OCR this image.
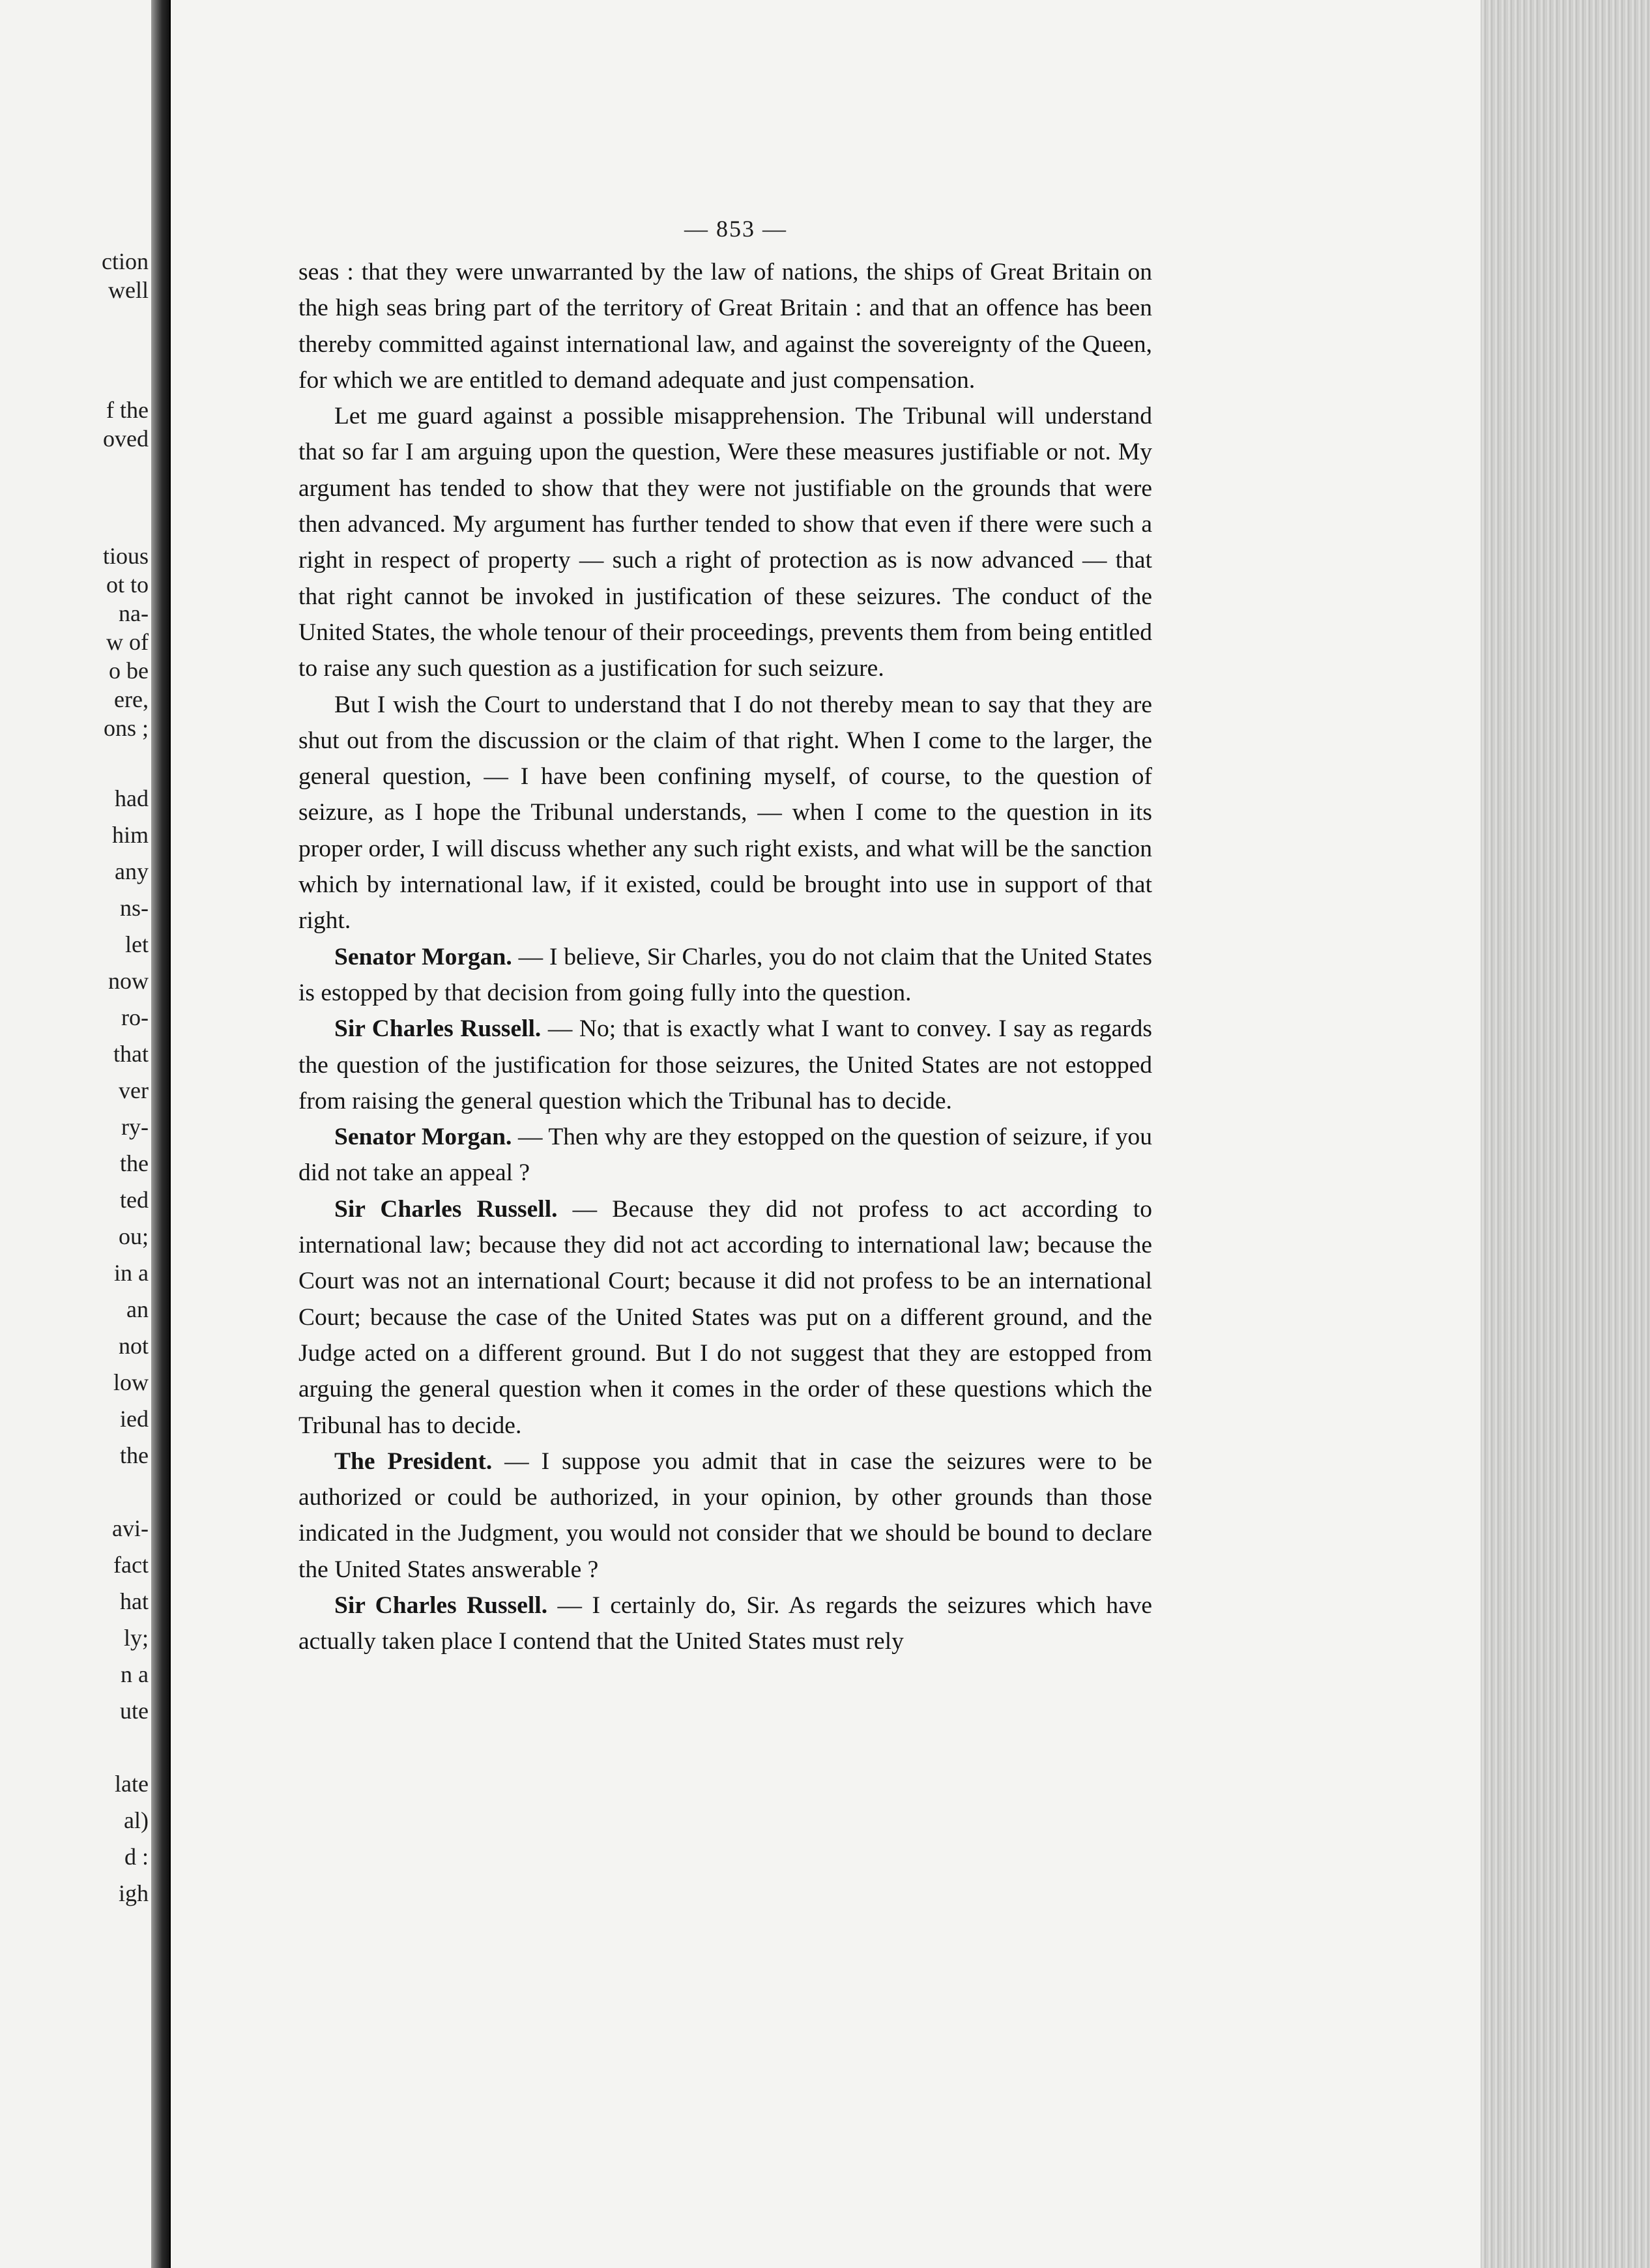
ction

well

f the

oved

tious

ot to

na-

w of

o be

ere,

ons ;

had

him

any

ns-

let

now

ro-

that

ver

ry-

the

ted

ou;

in a

an

not

low

ied

the

avi-

fact

hat

ly;

n a

ute

late

al)

d :

igh

— 853 —

seas : that they were unwarranted by the law of nations, the ships of Great Britain on the high seas bring part of the territory of Great Britain : and that an offence has been thereby committed against international law, and against the sovereignty of the Queen, for which we are entitled to demand adequate and just compensation.

Let me guard against a possible misapprehension. The Tribunal will understand that so far I am arguing upon the question, Were these measures justifiable or not. My argument has tended to show that they were not justifiable on the grounds that were then advanced. My argument has further tended to show that even if there were such a right in respect of property — such a right of protection as is now advanced — that that right cannot be invoked in justification of these seizures. The conduct of the United States, the whole tenour of their proceedings, prevents them from being entitled to raise any such question as a justification for such seizure.

But I wish the Court to understand that I do not thereby mean to say that they are shut out from the discussion or the claim of that right. When I come to the larger, the general question, — I have been confining myself, of course, to the question of seizure, as I hope the Tribunal understands, — when I come to the question in its proper order, I will discuss whether any such right exists, and what will be the sanction which by international law, if it existed, could be brought into use in support of that right.

Senator Morgan. — I believe, Sir Charles, you do not claim that the United States is estopped by that decision from going fully into the question.

Sir Charles Russell. — No; that is exactly what I want to convey. I say as regards the question of the justification for those seizures, the United States are not estopped from raising the general question which the Tribunal has to decide.

Senator Morgan. — Then why are they estopped on the question of seizure, if you did not take an appeal ?

Sir Charles Russell. — Because they did not profess to act according to international law; because they did not act according to international law; because the Court was not an international Court; because it did not profess to be an international Court; because the case of the United States was put on a different ground, and the Judge acted on a different ground. But I do not suggest that they are estopped from arguing the general question when it comes in the order of these questions which the Tribunal has to decide.

The President. — I suppose you admit that in case the seizures were to be authorized or could be authorized, in your opinion, by other grounds than those indicated in the Judgment, you would not consider that we should be bound to declare the United States answerable ?

Sir Charles Russell. — I certainly do, Sir. As regards the seizures which have actually taken place I contend that the United States must rely
